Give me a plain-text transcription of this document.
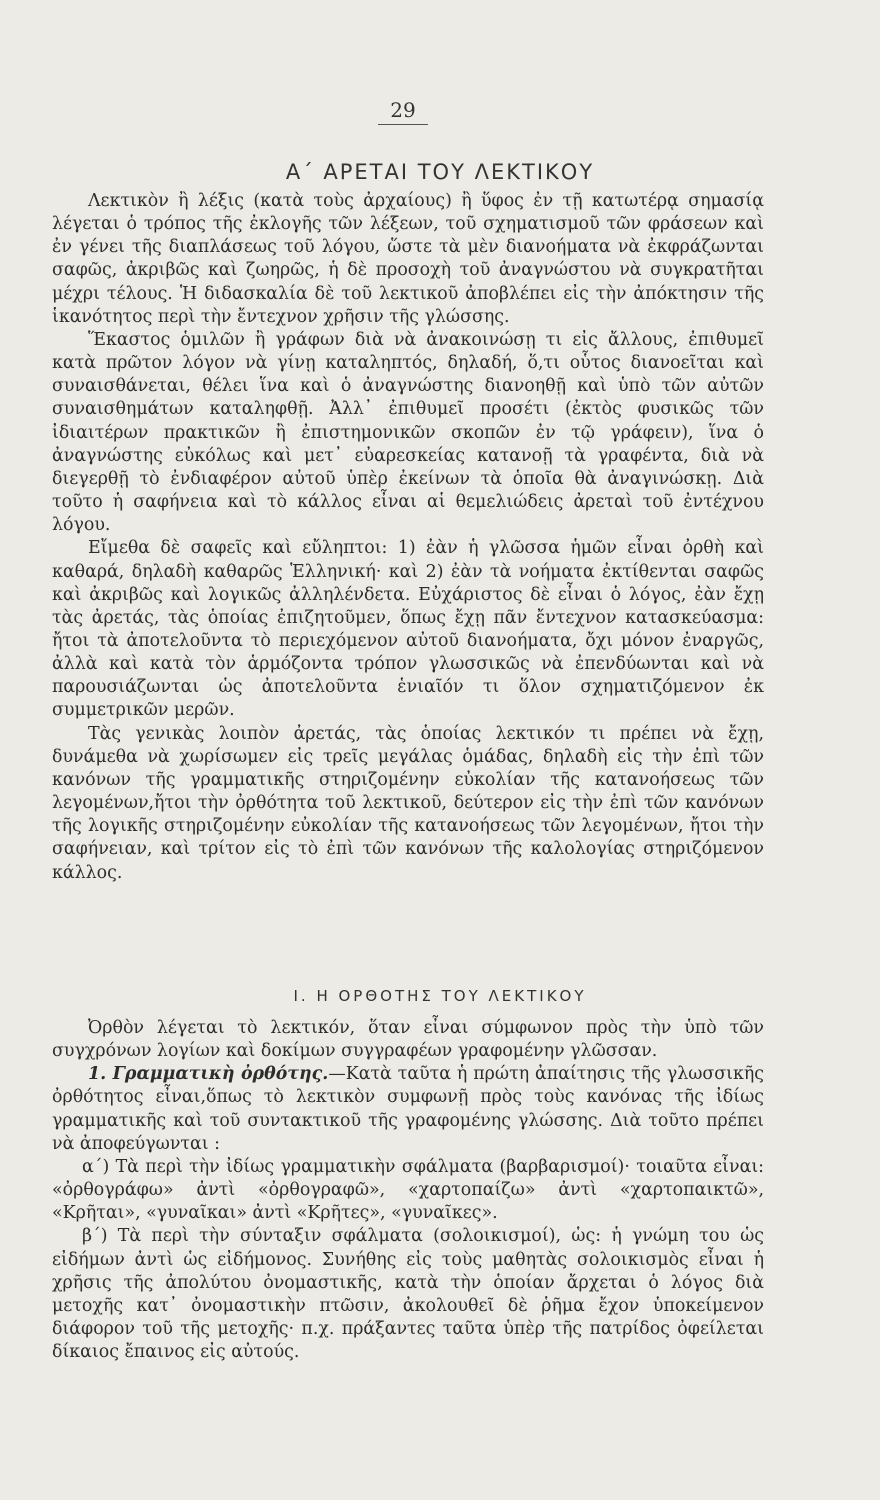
29
Α΄ ΑΡΕΤΑΙ ΤΟΥ ΛΕΚΤΙΚΟΥ

Λεκτικὸν ἢ λέξις (κατὰ τοὺς ἀρχαίους) ἢ ὕφος ἐν τῇ κατωτέρᾳ σημασίᾳ λέγεται ὁ τρόπος τῆς ἐκλογῆς τῶν λέξεων, τοῦ σχηματισμοῦ τῶν φράσεων καὶ ἐν γένει τῆς διαπλάσεως τοῦ λόγου, ὥστε τὰ μὲν διανοήματα νὰ ἐκφράζωνται σαφῶς, ἀκριβῶς καὶ ζωηρῶς, ἡ δὲ προσοχὴ τοῦ ἀναγνώστου νὰ συγκρατῆται μέχρι τέλους. Ἡ διδασκαλία δὲ τοῦ λεκτικοῦ ἀποβλέπει εἰς τὴν ἀπόκτησιν τῆς ἱκανότητος περὶ τὴν ἔντεχνον χρῆσιν τῆς γλώσσης.

Ἕκαστος ὁμιλῶν ἢ γράφων διὰ νὰ ἀνακοινώσῃ τι εἰς ἄλλους, ἐπιθυμεῖ κατὰ πρῶτον λόγον νὰ γίνῃ καταληπτός, δηλαδή, ὅ,τι οὗτος διανοεῖται καὶ συναισθάνεται, θέλει ἵνα καὶ ὁ ἀναγνώστης διανοηθῇ καὶ ὑπὸ τῶν αὐτῶν συναισθημάτων καταληφθῇ. Ἀλλ᾽ ἐπιθυμεῖ προσέτι (ἐκτὸς φυσικῶς τῶν ἰδιαιτέρων πρακτικῶν ἢ ἐπιστημονικῶν σκοπῶν ἐν τῷ γράφειν), ἵνα ὁ ἀναγνώστης εὐκόλως καὶ μετ᾽ εὐαρεσκείας κατανοῇ τὰ γραφέντα, διὰ νὰ διεγερθῇ τὸ ἐνδιαφέρον αὐτοῦ ὑπὲρ ἐκείνων τὰ ὁποῖα θὰ ἀναγινώσκῃ. Διὰ τοῦτο ἡ σαφήνεια καὶ τὸ κάλλος εἶναι αἱ θεμελιώδεις ἀρεταὶ τοῦ ἐντέχνου λόγου.

Εἴμεθα δὲ σαφεῖς καὶ εὔληπτοι: 1) ἐὰν ἡ γλῶσσα ἡμῶν εἶναι ὀρθὴ καὶ καθαρά, δηλαδὴ καθαρῶς Ἑλληνική· καὶ 2) ἐὰν τὰ νοήματα ἐκτίθενται σαφῶς καὶ ἀκριβῶς καὶ λογικῶς ἀλληλένδετα. Εὐχάριστος δὲ εἶναι ὁ λόγος, ἐὰν ἔχῃ τὰς ἀρετάς, τὰς ὁποίας ἐπιζητοῦμεν, ὅπως ἔχῃ πᾶν ἔντεχνον κατασκεύασμα: ἤτοι τὰ ἀποτελοῦντα τὸ περιεχόμενον αὐτοῦ διανοήματα, ὄχι μόνον ἐναργῶς, ἀλλὰ καὶ κατὰ τὸν ἁρμόζοντα τρόπον γλωσσικῶς νὰ ἐπενδύωνται καὶ νὰ παρουσιάζωνται ὡς ἀποτελοῦντα ἑνιαῖόν τι ὅλον σχηματιζόμενον ἐκ συμμετρικῶν μερῶν.

Τὰς γενικὰς λοιπὸν ἀρετάς, τὰς ὁποίας λεκτικόν τι πρέπει νὰ ἔχῃ, δυνάμεθα νὰ χωρίσωμεν εἰς τρεῖς μεγάλας ὁμάδας, δηλαδὴ εἰς τὴν ἐπὶ τῶν κανόνων τῆς γραμματικῆς στηριζομένην εὐκολίαν τῆς κατανοήσεως τῶν λεγομένων,ἤτοι τὴν ὀρθότητα τοῦ λεκτικοῦ, δεύτερον εἰς τὴν ἐπὶ τῶν κανόνων τῆς λογικῆς στηριζομένην εὐκολίαν τῆς κατανοήσεως τῶν λεγομένων, ἤτοι τὴν σαφήνειαν, καὶ τρίτον εἰς τὸ ἐπὶ τῶν κανόνων τῆς καλολογίας στηριζόμενον κάλλος.

Ι. Η ΟΡΘΟΤΗΣ ΤΟΥ ΛΕΚΤΙΚΟΥ

Ὀρθὸν λέγεται τὸ λεκτικόν, ὅταν εἶναι σύμφωνον πρὸς τὴν ὑπὸ τῶν συγχρόνων λογίων καὶ δοκίμων συγγραφέων γραφομένην γλῶσσαν.

1. Γραμματικὴ ὀρθότης.—Κατὰ ταῦτα ἡ πρώτη ἀπαίτησις τῆς γλωσσικῆς ὀρθότητος εἶναι,ὅπως τὸ λεκτικὸν συμφωνῇ πρὸς τοὺς κανόνας τῆς ἰδίως γραμματικῆς καὶ τοῦ συντακτικοῦ τῆς γραφομένης γλώσσης. Διὰ τοῦτο πρέπει νὰ ἀποφεύγωνται :

α΄) Τὰ περὶ τὴν ἰδίως γραμματικὴν σφάλματα (βαρβαρισμοί)· τοιαῦτα εἶναι: «ὀρθογράφω» ἀντὶ «ὀρθογραφῶ», «χαρτοπαίζω» ἀντὶ «χαρτοπαικτῶ», «Κρῆται», «γυναῖκαι» ἀντὶ «Κρῆτες», «γυναῖκες».

β΄) Τὰ περὶ τὴν σύνταξιν σφάλματα (σολοικισμοί), ὡς: ἡ γνώμη του ὡς εἰδήμων ἀντὶ ὡς εἰδήμονος. Συνήθης εἰς τοὺς μαθητὰς σολοικισμὸς εἶναι ἡ χρῆσις τῆς ἀπολύτου ὀνομαστικῆς, κατὰ τὴν ὁποίαν ἄρχεται ὁ λόγος διὰ μετοχῆς κατ᾽ ὀνομαστικὴν πτῶσιν, ἀκολουθεῖ δὲ ῥῆμα ἔχον ὑποκείμενον διάφορον τοῦ τῆς μετοχῆς· π.χ. πράξαντες ταῦτα ὑπὲρ τῆς πατρίδος ὀφείλεται δίκαιος ἔπαινος εἰς αὐτούς.
